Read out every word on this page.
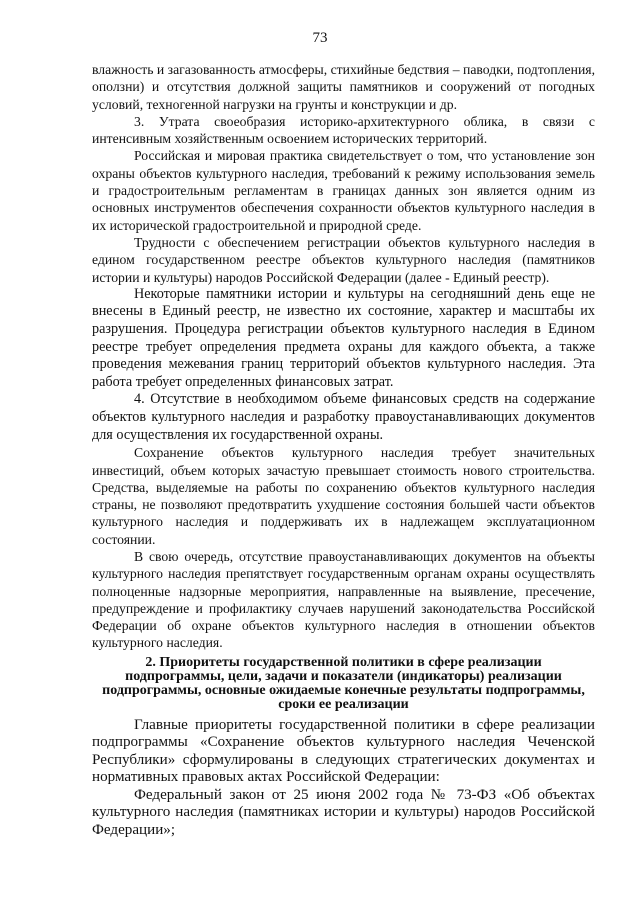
73

влажность и загазованность атмосферы, стихийные бедствия – паводки, подтопления, оползни) и отсутствия должной защиты памятников и сооружений от погодных условий, техногенной нагрузки на грунты и конструкции и др.

3. Утрата своеобразия историко-архитектурного облика, в связи с интенсивным хозяйственным освоением исторических территорий.

Российская и мировая практика свидетельствует о том, что установление зон охраны объектов культурного наследия, требований к режиму использования земель и градостроительным регламентам в границах данных зон является одним из основных инструментов обеспечения сохранности объектов культурного наследия в их исторической градостроительной и природной среде.

Трудности с обеспечением регистрации объектов культурного наследия в едином государственном реестре объектов культурного наследия (памятников истории и культуры) народов Российской Федерации (далее - Единый реестр).

Некоторые памятники истории и культуры на сегодняшний день еще не внесены в Единый реестр, не известно их состояние, характер и масштабы их разрушения. Процедура регистрации объектов культурного наследия в Едином реестре требует определения предмета охраны для каждого объекта, а также проведения межевания границ территорий объектов культурного наследия. Эта работа требует определенных финансовых затрат.

4. Отсутствие в необходимом объеме финансовых средств на содержание объектов культурного наследия и разработку правоустанавливающих документов для осуществления их государственной охраны.

Сохранение объектов культурного наследия требует значительных инвестиций, объем которых зачастую превышает стоимость нового строительства. Средства, выделяемые на работы по сохранению объектов культурного наследия страны, не позволяют предотвратить ухудшение состояния большей части объектов культурного наследия и поддерживать их в надлежащем эксплуатационном состоянии.

В свою очередь, отсутствие правоустанавливающих документов на объекты культурного наследия препятствует государственным органам охраны осуществлять полноценные надзорные мероприятия, направленные на выявление, пресечение, предупреждение и профилактику случаев нарушений законодательства Российской Федерации об охране объектов культурного наследия в отношении объектов культурного наследия.

2. Приоритеты государственной политики в сфере реализации подпрограммы, цели, задачи и показатели (индикаторы) реализации подпрограммы, основные ожидаемые конечные результаты подпрограммы, сроки ее реализации

Главные приоритеты государственной политики в сфере реализации подпрограммы «Сохранение объектов культурного наследия Чеченской Республики» сформулированы в следующих стратегических документах и нормативных правовых актах Российской Федерации:

Федеральный закон от 25 июня 2002 года № 73-ФЗ «Об объектах культурного наследия (памятниках истории и культуры) народов Российской Федерации»;
